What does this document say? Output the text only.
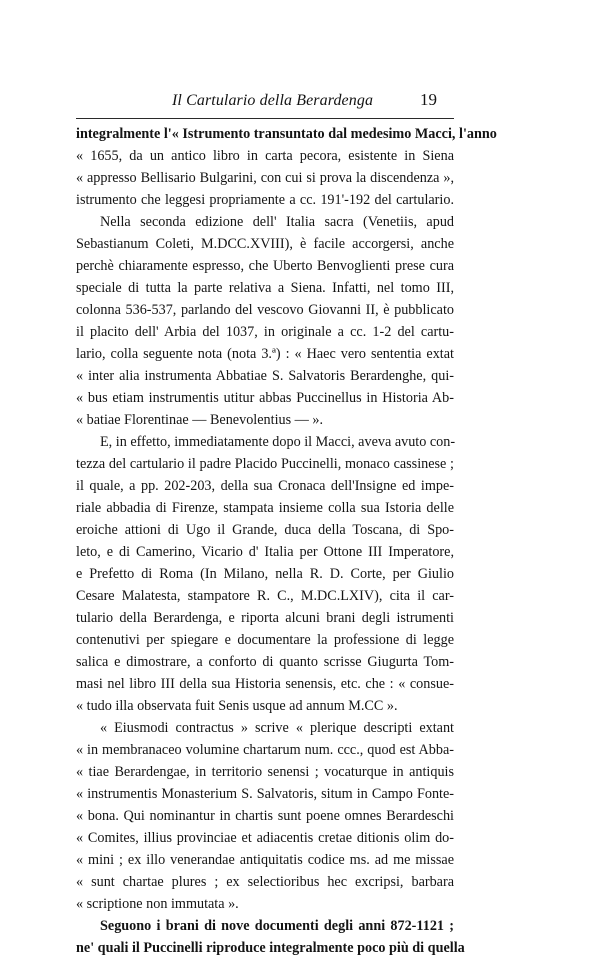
Il Cartulario della Berardenga	19
integralmente l'« Istrumento transuntato dal medesimo Macci, l'anno
« 1655, da un antico libro in carta pecora, esistente in Siena
« appresso Bellisario Bulgarini, con cui si prova la discendenza »,
istrumento che leggesi propriamente a cc. 191'-192 del cartulario.
Nella seconda edizione dell' Italia sacra (Venetiis, apud
Sebastianum Coleti, M.DCC.XVIII), è facile accorgersi, anche
perchè chiaramente espresso, che Uberto Benvoglienti prese cura
speciale di tutta la parte relativa a Siena. Infatti, nel tomo III,
colonna 536-537, parlando del vescovo Giovanni II, è pubblicato
il placito dell' Arbia del 1037, in originale a cc. 1-2 del cartu-
lario, colla seguente nota (nota 3.ª) : « Haec vero sententia extat
« inter alia instrumenta Abbatiae S. Salvatoris Berardenghe, qui-
« bus etiam instrumentis utitur abbas Puccinellus in Historia Ab-
« batiae Florentinae — Benevolentius — ».
E, in effetto, immediatamente dopo il Macci, aveva avuto con-
tezza del cartulario il padre Placido Puccinelli, monaco cassinese ;
il quale, a pp. 202-203, della sua Cronaca dell'Insigne ed impe-
riale abbadia di Firenze, stampata insieme colla sua Istoria delle
eroiche attioni di Ugo il Grande, duca della Toscana, di Spo-
leto, e di Camerino, Vicario d' Italia per Ottone III Imperatore,
e Prefetto di Roma (In Milano, nella R. D. Corte, per Giulio
Cesare Malatesta, stampatore R. C., M.DC.LXIV), cita il car-
tulario della Berardenga, e riporta alcuni brani degli istrumenti
contenutivi per spiegare e documentare la professione di legge
salica e dimostrare, a conforto di quanto scrisse Giugurta Tom-
masi nel libro III della sua Historia senensis, etc. che : « consue-
« tudo illa observata fuit Senis usque ad annum M.CC ».
« Eiusmodi contractus » scrive « plerique descripti extant
« in membranaceo volumine chartarum num. ccc., quod est Abba-
« tiae Berardengae, in territorio senensi ; vocaturque in antiquis
« instrumentis Monasterium S. Salvatoris, situm in Campo Fonte-
« bona. Qui nominantur in chartis sunt poene omnes Berardeschi
« Comites, illius provinciae et adiacentis cretae ditionis olim do-
« mini ; ex illo venerandae antiquitatis codice ms. ad me missae
« sunt chartae plures ; ex selectioribus hec excripsi, barbara
« scriptione non immutata ».
Seguono i brani di nove documenti degli anni 872-1121 ;
ne' quali il Puccinelli riproduce integralmente poco più di quella
